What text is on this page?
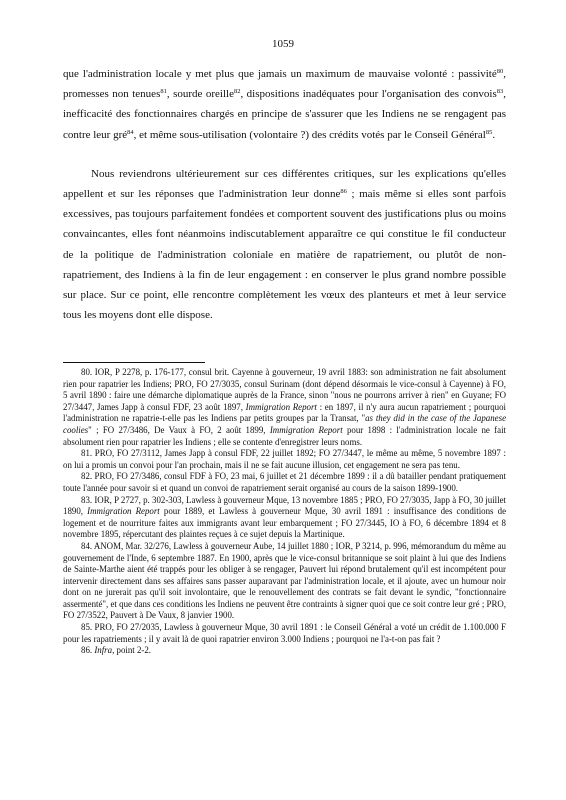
1059

que l'administration locale y met plus que jamais un maximum de mauvaise volonté : passivité$^{80}$, promesses non tenues$^{81}$, sourde oreille$^{82}$, dispositions inadéquates pour l'organisation des convois$^{83}$, inefficacité des fonctionnaires chargés en principe de s'assurer que les Indiens ne se rengagent pas contre leur gré$^{84}$, et même sous-utilisation (volontaire ?) des crédits votés par le Conseil Général$^{85}$.

Nous reviendrons ultérieurement sur ces différentes critiques, sur les explications qu'elles appellent et sur les réponses que l'administration leur donne$^{86}$ ; mais même si elles sont parfois excessives, pas toujours parfaitement fondées et comportent souvent des justifications plus ou moins convaincantes, elles font néanmoins indiscutablement apparaître ce qui constitue le fil conducteur de la politique de l'administration coloniale en matière de rapatriement, ou plutôt de non-rapatriement, des Indiens à la fin de leur engagement : en conserver le plus grand nombre possible sur place. Sur ce point, elle rencontre complètement les vœux des planteurs et met à leur service tous les moyens dont elle dispose.

80. IOR, P 2278, p. 176-177, consul brit. Cayenne à gouverneur, 19 avril 1883: son administration ne fait absolument rien pour rapatrier les Indiens; PRO, FO 27/3035, consul Surinam (dont dépend désormais le vice-consul à Cayenne) à FO, 5 avril 1890 : faire une démarche diplomatique auprès de la France, sinon "nous ne pourrons arriver à rien" en Guyane; FO 27/3447, James Japp à consul FDF, 23 août 1897, Immigration Report : en 1897, il n'y aura aucun rapatriement ; pourquoi l'administration ne rapatrie-t-elle pas les Indiens par petits groupes par la Transat, "as they did in the case of the Japanese coolies" ; FO 27/3486, De Vaux à FO, 2 août 1899, Immigration Report pour 1898 : l'administration locale ne fait absolument rien pour rapatrier les Indiens ; elle se contente d'enregistrer leurs noms.

81. PRO, FO 27/3112, James Japp à consul FDF, 22 juillet 1892; FO 27/3447, le même au même, 5 novembre 1897 : on lui a promis un convoi pour l'an prochain, mais il ne se fait aucune illusion, cet engagement ne sera pas tenu.

82. PRO, FO 27/3486, consul FDF à FO, 23 mai, 6 juillet et 21 décembre 1899 : il a dû batailler pendant pratiquement toute l'année pour savoir si et quand un convoi de rapatriement serait organisé au cours de la saison 1899-1900.

83. IOR, P 2727, p. 302-303, Lawless à gouverneur Mque, 13 novembre 1885 ; PRO, FO 27/3035, Japp à FO, 30 juillet 1890, Immigration Report pour 1889, et Lawless à gouverneur Mque, 30 avril 1891 : insuffisance des conditions de logement et de nourriture faites aux immigrants avant leur embarquement ; FO 27/3445, IO à FO, 6 décembre 1894 et 8 novembre 1895, répercutant des plaintes reçues à ce sujet depuis la Martinique.

84. ANOM, Mar. 32/276, Lawless à gouverneur Aube, 14 juillet 1880 ; IOR, P 3214, p. 996, mémorandum du même au gouvernement de l'Inde, 6 septembre 1887. En 1900, après que le vice-consul britannique se soit plaint à lui que des Indiens de Sainte-Marthe aient été trappés pour les obliger à se rengager, Pauvert lui répond brutalement qu'il est incompétent pour intervenir directement dans ses affaires sans passer auparavant par l'administration locale, et il ajoute, avec un humour noir dont on ne jurerait pas qu'il soit involontaire, que le renouvellement des contrats se fait devant le syndic, "fonctionnaire assermenté", et que dans ces conditions les Indiens ne peuvent être contraints à signer quoi que ce soit contre leur gré ; PRO, FO 27/3522, Pauvert à De Vaux, 8 janvier 1900.

85. PRO, FO 27/2035, Lawless à gouverneur Mque, 30 avril 1891 : le Conseil Général a voté un crédit de 1.100.000 F pour les rapatriements ; il y avait là de quoi rapatrier environ 3.000 Indiens ; pourquoi ne l'a-t-on pas fait ?

86. Infra, point 2-2.
